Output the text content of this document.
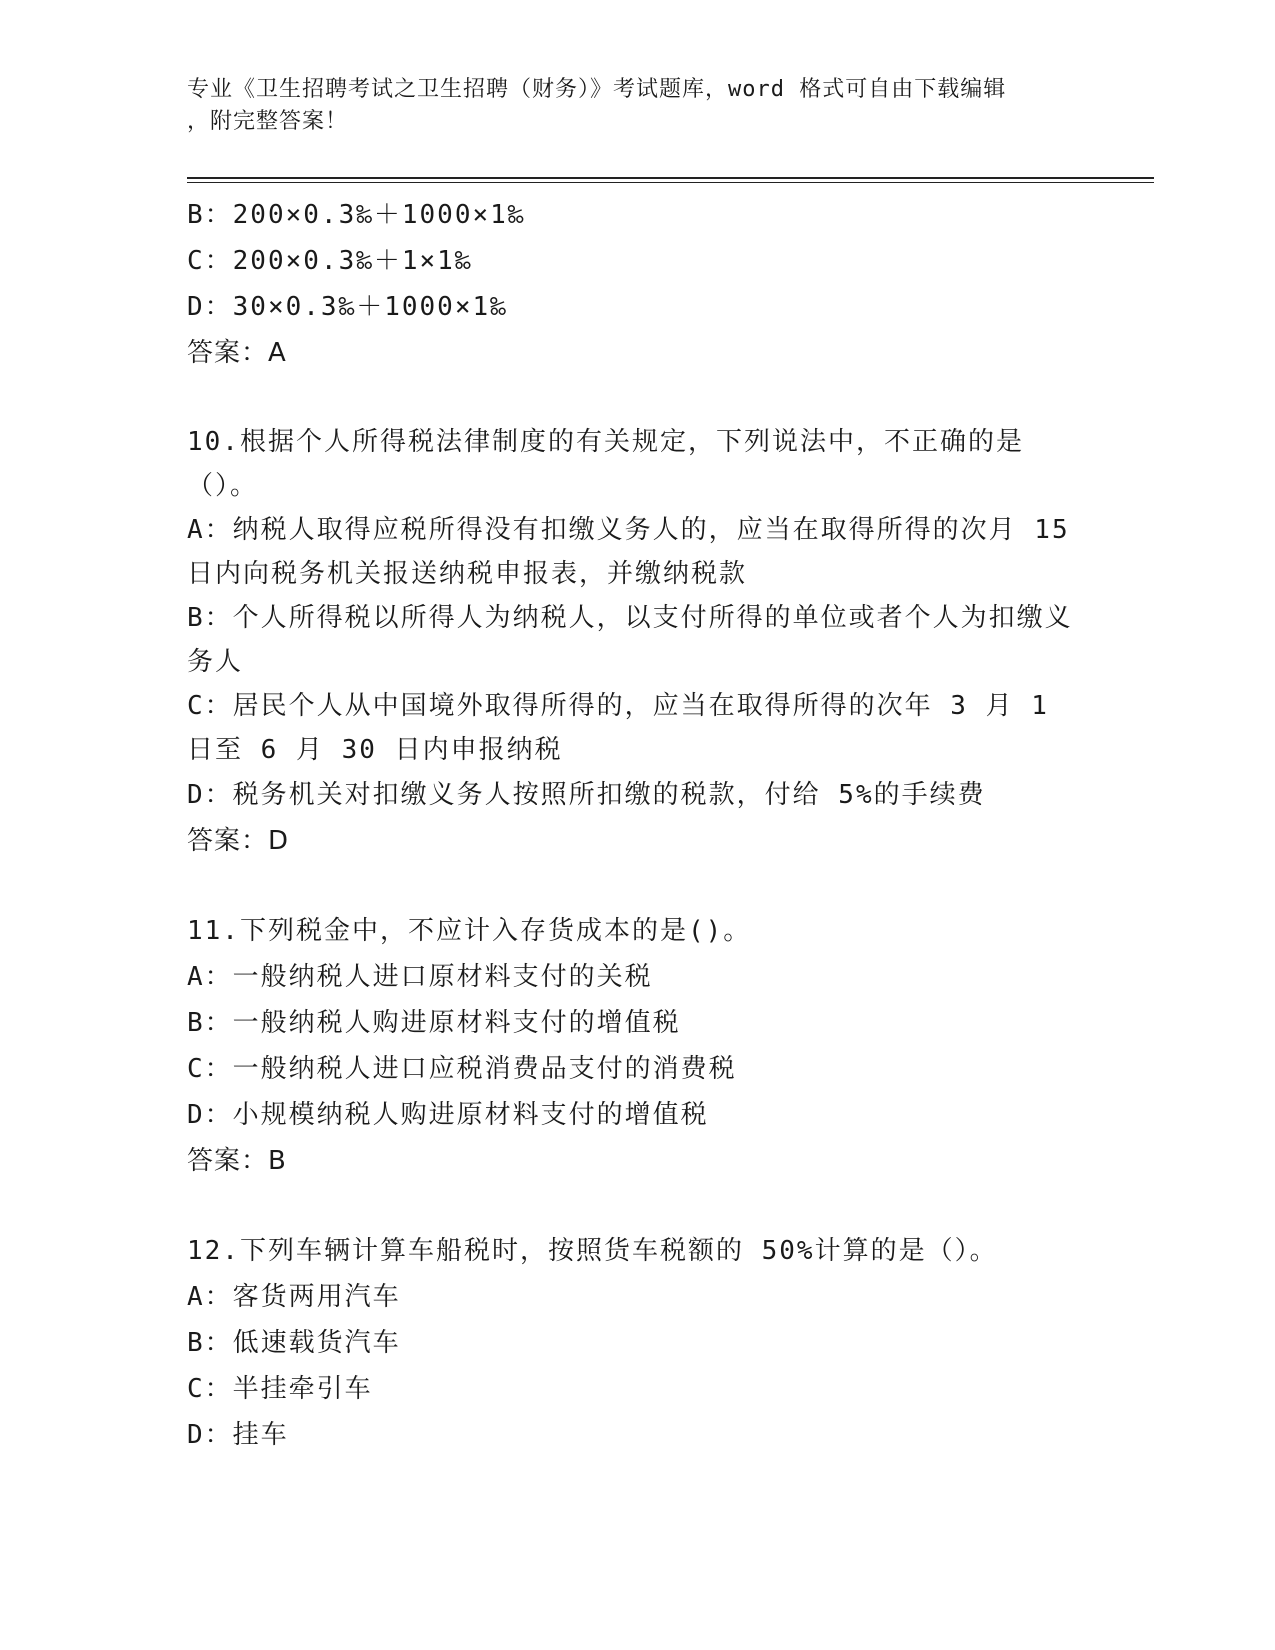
专业《卫生招聘考试之卫生招聘（财务）》考试题库，word 格式可自由下载编辑
，附完整答案！

B：200×0.3‰＋1000×1‰

C：200×0.3‰＋1×1‰

D：30×0.3‰＋1000×1‰

答案：A

10.根据个人所得税法律制度的有关规定，下列说法中，不正确的是（）。

A：纳税人取得应税所得没有扣缴义务人的，应当在取得所得的次月 15 日内向税务机关报送纳税申报表，并缴纳税款

B：个人所得税以所得人为纳税人，以支付所得的单位或者个人为扣缴义务人

C：居民个人从中国境外取得所得的，应当在取得所得的次年 3 月 1 日至 6 月 30 日内申报纳税

D：税务机关对扣缴义务人按照所扣缴的税款，付给 5%的手续费

答案：D

11.下列税金中，不应计入存货成本的是()。

A：一般纳税人进口原材料支付的关税

B：一般纳税人购进原材料支付的增值税

C：一般纳税人进口应税消费品支付的消费税

D：小规模纳税人购进原材料支付的增值税

答案：B

12.下列车辆计算车船税时，按照货车税额的 50%计算的是（）。

A：客货两用汽车

B：低速载货汽车

C：半挂牵引车

D：挂车
